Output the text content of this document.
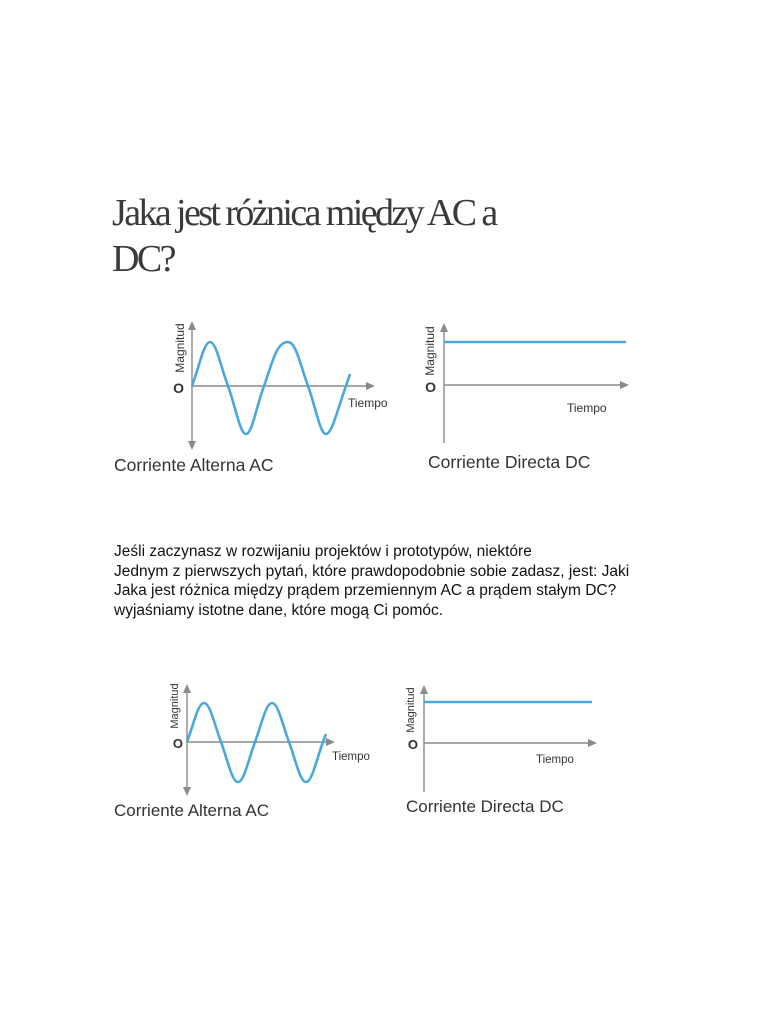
Jaka jest różnica między AC a
DC?
Magnitud
O
Tiempo
Corriente Alterna AC
Magnitud
O
Tiempo
Corriente Directa DC
Jeśli zaczynasz w rozwijaniu projektów i prototypów, niektóre
Jednym z pierwszych pytań, które prawdopodobnie sobie zadasz, jest: Jaki
Jaka jest różnica między prądem przemiennym AC a prądem stałym DC?
wyjaśniamy istotne dane, które mogą Ci pomóc.
Magnitud
O
Tiempo
Corriente Alterna AC
Magnitud
O
Tiempo
Corriente Directa DC
